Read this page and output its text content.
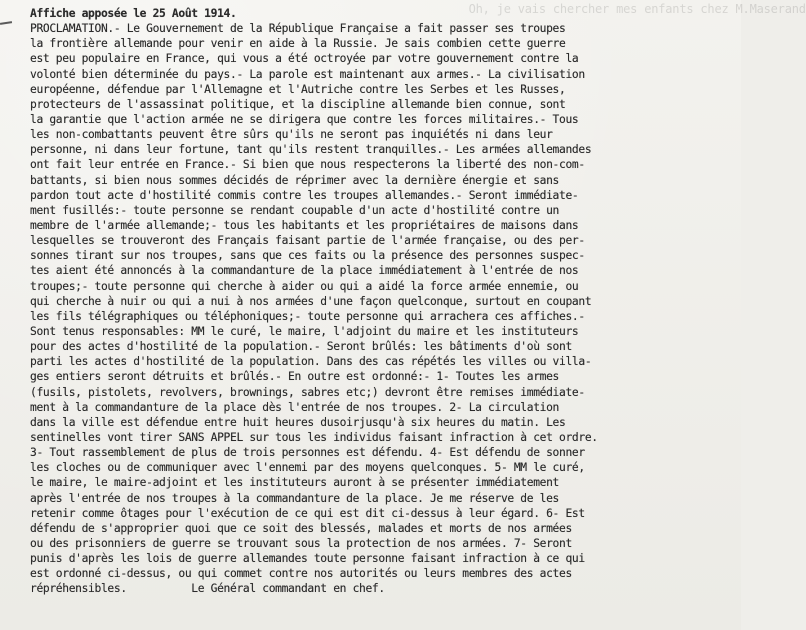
Oh, je vais chercher mes enfants chez M.Maserand
Affiche apposée le 25 Août 1914.
PROCLAMATION.- Le Gouvernement de la République Française a fait passer ses troupes
la frontière allemande pour venir en aide à la Russie. Je sais combien cette guerre
est peu populaire en France, qui vous a été octroyée par votre gouvernement contre la
volonté bien déterminée du pays.- La parole est maintenant aux armes.- La civilisation
européenne, défendue par l'Allemagne et l'Autriche contre les Serbes et les Russes,
protecteurs de l'assassinat politique, et la discipline allemande bien connue, sont
la garantie que l'action armée ne se dirigera que contre les forces militaires.- Tous
les non-combattants peuvent être sûrs qu'ils ne seront pas inquiétés ni dans leur
personne, ni dans leur fortune, tant qu'ils restent tranquilles.- Les armées allemandes
ont fait leur entrée en France.- Si bien que nous respecterons la liberté des non-com-
battants, si bien nous sommes décidés de réprimer avec la dernière énergie et sans
pardon tout acte d'hostilité commis contre les troupes allemandes.- Seront immédiate-
ment fusillés:- toute personne se rendant coupable d'un acte d'hostilité contre un
membre de l'armée allemande;- tous les habitants et les propriétaires de maisons dans
lesquelles se trouveront des Français faisant partie de l'armée française, ou des per-
sonnes tirant sur nos troupes, sans que ces faits ou la présence des personnes suspec-
tes aient été annoncés à la commandanture de la place immédiatement à l'entrée de nos
troupes;- toute personne qui cherche à aider ou qui a aidé la force armée ennemie, ou
qui cherche à nuir ou qui a nui à nos armées d'une façon quelconque, surtout en coupant
les fils télégraphiques ou téléphoniques;- toute personne qui arrachera ces affiches.-
Sont tenus responsables: MM le curé, le maire, l'adjoint du maire et les instituteurs
pour des actes d'hostilité de la population.- Seront brûlés: les bâtiments d'où sont
parti les actes d'hostilité de la population. Dans des cas répétés les villes ou villa-
ges entiers seront détruits et brûlés.- En outre est ordonné:- 1- Toutes les armes
(fusils, pistolets, revolvers, brownings, sabres etc;) devront être remises immédiate-
ment à la commandanture de la place dès l'entrée de nos troupes. 2- La circulation
dans la ville est défendue entre huit heures dusoirjusqu'à six heures du matin. Les
sentinelles vont tirer SANS APPEL sur tous les individus faisant infraction à cet ordre.
3- Tout rassemblement de plus de trois personnes est défendu. 4- Est défendu de sonner
les cloches ou de communiquer avec l'ennemi par des moyens quelconques. 5- MM le curé,
le maire, le maire-adjoint et les instituteurs auront à se présenter immédiatement
après l'entrée de nos troupes à la commandanture de la place. Je me réserve de les
retenir comme ôtages pour l'exécution de ce qui est dit ci-dessus à leur égard. 6- Est
défendu de s'approprier quoi que ce soit des blessés, malades et morts de nos armées
ou des prisonniers de guerre se trouvant sous la protection de nos armées. 7- Seront
punis d'après les lois de guerre allemandes toute personne faisant infraction à ce qui
est ordonné ci-dessus, ou qui commet contre nos autorités ou leurs membres des actes
répréhensibles.          Le Général commandant en chef.
